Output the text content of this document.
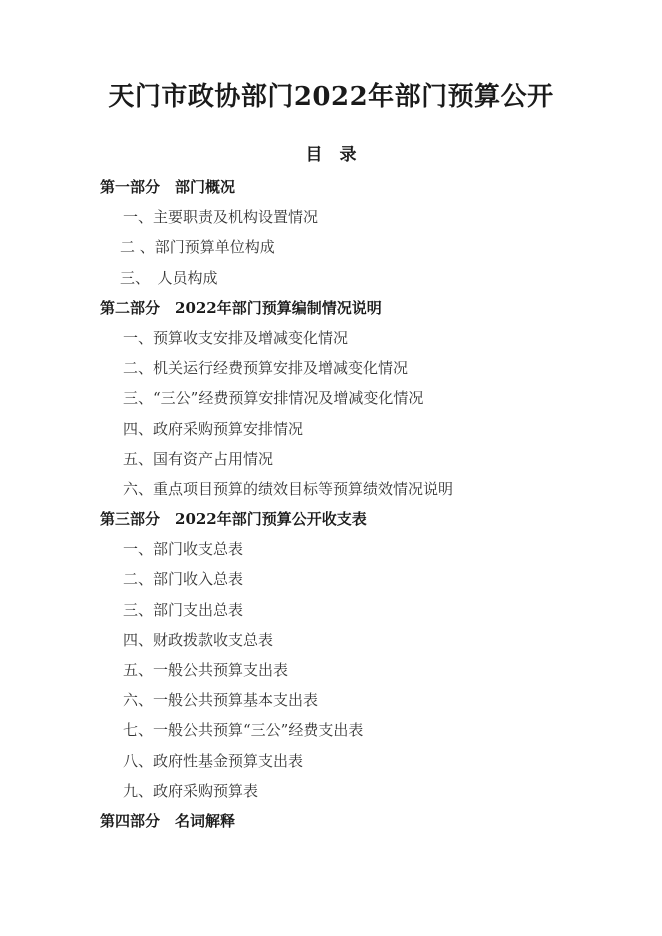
天门市政协部门2022年部门预算公开
目　录
第一部分　部门概况
一、主要职责及机构设置情况
二 、部门预算单位构成
三、　人员构成
第二部分　2022年部门预算编制情况说明
一、预算收支安排及增减变化情况
二、机关运行经费预算安排及增减变化情况
三、“三公”经费预算安排情况及增减变化情况
四、政府采购预算安排情况
五、国有资产占用情况
六、重点项目预算的绩效目标等预算绩效情况说明
第三部分　2022年部门预算公开收支表
一、部门收支总表
二、部门收入总表
三、部门支出总表
四、财政拨款收支总表
五、一般公共预算支出表
六、一般公共预算基本支出表
七、一般公共预算“三公”经费支出表
八、政府性基金预算支出表
九、政府采购预算表
第四部分　名词解释
